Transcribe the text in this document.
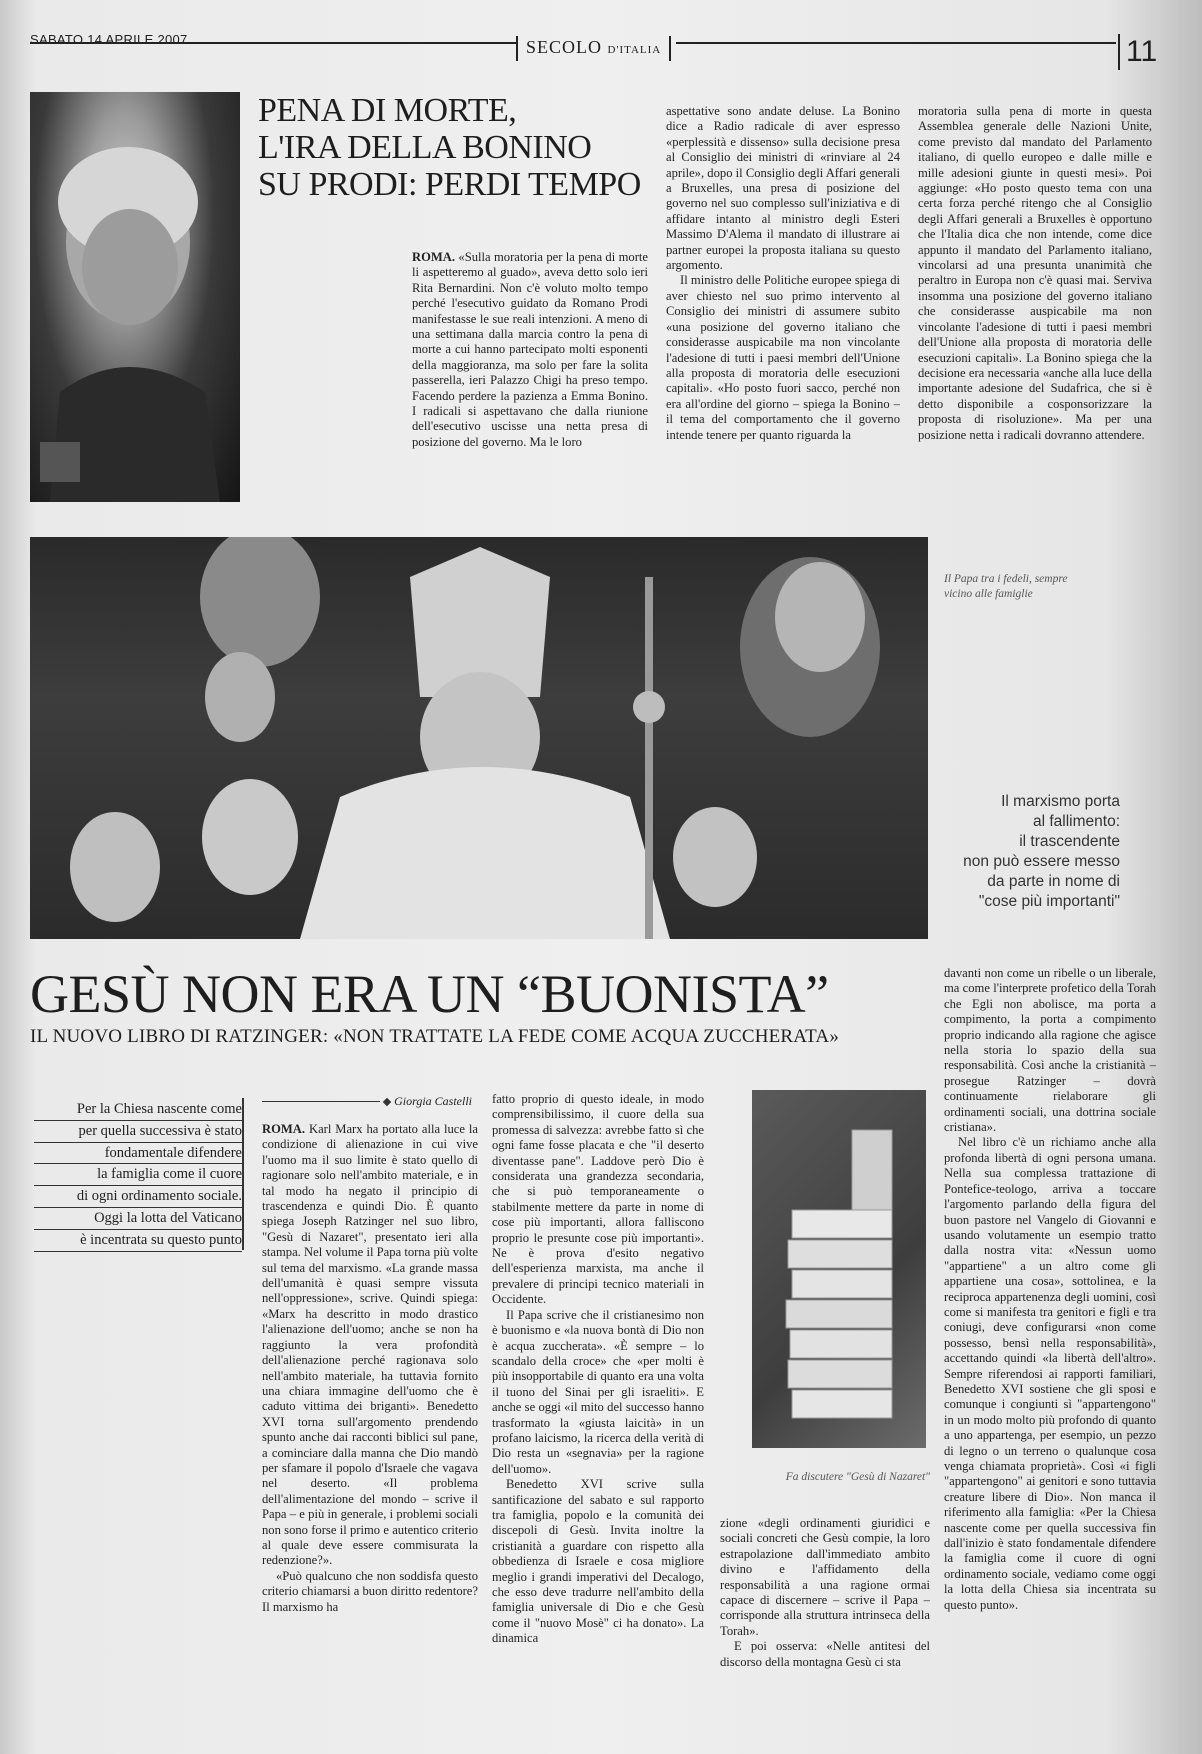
SABATO 14 APRILE 2007	SECOLO D'ITALIA	11
PENA DI MORTE,
L'IRA DELLA BONINO
SU PRODI: PERDI TEMPO

ROMA. «Sulla moratoria per la pena di morte li aspetteremo al guado», aveva detto solo ieri Rita Bernardini. Non c'è voluto molto tempo perché l'esecutivo guidato da Romano Prodi manifestasse le sue reali intenzioni. A meno di una settimana dalla marcia contro la pena di morte a cui hanno partecipato molti esponenti della maggioranza, ma solo per fare la solita passerella, ieri Palazzo Chigi ha preso tempo. Facendo perdere la pazienza a Emma Bonino. I radicali si aspettavano che dalla riunione dell'esecutivo uscisse una netta presa di posizione del governo. Ma le loro

aspettative sono andate deluse. La Bonino dice a Radio radicale di aver espresso «perplessità e dissenso» sulla decisione presa al Consiglio dei ministri di «rinviare al 24 aprile», dopo il Consiglio degli Affari generali a Bruxelles, una presa di posizione del governo nel suo complesso sull'iniziativa e di affidare intanto al ministro degli Esteri Massimo D'Alema il mandato di illustrare ai partner europei la proposta italiana su questo argomento.

Il ministro delle Politiche europee spiega di aver chiesto nel suo primo intervento al Consiglio dei ministri di assumere subito «una posizione del governo italiano che considerasse auspicabile ma non vincolante l'adesione di tutti i paesi membri dell'Unione alla proposta di moratoria delle esecuzioni capitali». «Ho posto fuori sacco, perché non era all'ordine del giorno – spiega la Bonino – il tema del comportamento che il governo intende tenere per quanto riguarda la

moratoria sulla pena di morte in questa Assemblea generale delle Nazioni Unite, come previsto dal mandato del Parlamento italiano, di quello europeo e dalle mille e mille adesioni giunte in questi mesi». Poi aggiunge: «Ho posto questo tema con una certa forza perché ritengo che al Consiglio degli Affari generali a Bruxelles è opportuno che l'Italia dica che non intende, come dice appunto il mandato del Parlamento italiano, vincolarsi ad una presunta unanimità che peraltro in Europa non c'è quasi mai. Serviva insomma una posizione del governo italiano che considerasse auspicabile ma non vincolante l'adesione di tutti i paesi membri dell'Unione alla proposta di moratoria delle esecuzioni capitali». La Bonino spiega che la decisione era necessaria «anche alla luce della importante adesione del Sudafrica, che si è detto disponibile a cosponsorizzare la proposta di risoluzione». Ma per una posizione netta i radicali dovranno attendere.

Il Papa tra i fedeli, sempre vicino alle famiglie
Il marxismo porta
al fallimento:
il trascendente
non può essere messo
da parte in nome di
"cose più importanti"
GESÙ NON ERA UN “BUONISTA”
IL NUOVO LIBRO DI RATZINGER: «NON TRATTATE LA FEDE COME ACQUA ZUCCHERATA»
Per la Chiesa nascente come
per quella successiva è stato
fondamentale difendere
la famiglia come il cuore
di ogni ordinamento sociale.
Oggi la lotta del Vaticano
è incentrata su questo punto
Giorgia Castelli

ROMA. Karl Marx ha portato alla luce la condizione di alienazione in cui vive l'uomo ma il suo limite è stato quello di ragionare solo nell'ambito materiale, e in tal modo ha negato il principio di trascendenza e quindi Dio. È quanto spiega Joseph Ratzinger nel suo libro, "Gesù di Nazaret", presentato ieri alla stampa. Nel volume il Papa torna più volte sul tema del marxismo. «La grande massa dell'umanità è quasi sempre vissuta nell'oppressione», scrive. Quindi spiega: «Marx ha descritto in modo drastico l'alienazione dell'uomo; anche se non ha raggiunto la vera profondità dell'alienazione perché ragionava solo nell'ambito materiale, ha tuttavia fornito una chiara immagine dell'uomo che è caduto vittima dei briganti». Benedetto XVI torna sull'argomento prendendo spunto anche dai racconti biblici sul pane, a cominciare dalla manna che Dio mandò per sfamare il popolo d'Israele che vagava nel deserto. «Il problema dell'alimentazione del mondo – scrive il Papa – e più in generale, i problemi sociali non sono forse il primo e autentico criterio al quale deve essere commisurata la redenzione?».

«Può qualcuno che non soddisfa questo criterio chiamarsi a buon diritto redentore? Il marxismo ha

fatto proprio di questo ideale, in modo comprensibilissimo, il cuore della sua promessa di salvezza: avrebbe fatto sì che ogni fame fosse placata e che "il deserto diventasse pane". Laddove però Dio è considerata una grandezza secondaria, che si può temporaneamente o stabilmente mettere da parte in nome di cose più importanti, allora falliscono proprio le presunte cose più importanti». Ne è prova d'esito negativo dell'esperienza marxista, ma anche il prevalere di principi tecnico materiali in Occidente.

Il Papa scrive che il cristianesimo non è buonismo e «la nuova bontà di Dio non è acqua zuccherata». «È sempre – lo scandalo della croce» che «per molti è più insopportabile di quanto era una volta il tuono del Sinai per gli israeliti». E anche se oggi «il mito del successo hanno trasformato la «giusta laicità» in un profano laicismo, la ricerca della verità di Dio resta un «segnavia» per la ragione dell'uomo».

Benedetto XVI scrive sulla santificazione del sabato e sul rapporto tra famiglia, popolo e la comunità dei discepoli di Gesù. Invita inoltre la cristianità a guardare con rispetto alla obbedienza di Israele e cosa migliore meglio i grandi imperativi del Decalogo, che esso deve tradurre nell'ambito della famiglia universale di Dio e che Gesù come il "nuovo Mosè" ci ha donato». La dinamica

Fa discutere "Gesù di Nazaret"

zione «degli ordinamenti giuridici e sociali concreti che Gesù compie, la loro estrapolazione dall'immediato ambito divino e l'affidamento della responsabilità a una ragione ormai capace di discernere – scrive il Papa – corrisponde alla struttura intrinseca della Torah».

E poi osserva: «Nelle antitesi del discorso della montagna Gesù ci sta

davanti non come un ribelle o un liberale, ma come l'interprete profetico della Torah che Egli non abolisce, ma porta a compimento, la porta a compimento proprio indicando alla ragione che agisce nella storia lo spazio della sua responsabilità. Così anche la cristianità – prosegue Ratzinger – dovrà continuamente rielaborare gli ordinamenti sociali, una dottrina sociale cristiana».

Nel libro c'è un richiamo anche alla profonda libertà di ogni persona umana. Nella sua complessa trattazione di Pontefice-teologo, arriva a toccare l'argomento parlando della figura del buon pastore nel Vangelo di Giovanni e usando volutamente un esempio tratto dalla nostra vita: «Nessun uomo "appartiene" a un altro come gli appartiene una cosa», sottolinea, e la reciproca appartenenza degli uomini, così come si manifesta tra genitori e figli e tra coniugi, deve configurarsi «non come possesso, bensì nella responsabilità», accettando quindi «la libertà dell'altro». Sempre riferendosi ai rapporti familiari, Benedetto XVI sostiene che gli sposi e comunque i congiunti sì "appartengono" in un modo molto più profondo di quanto a uno appartenga, per esempio, un pezzo di legno o un terreno o qualunque cosa venga chiamata proprietà». Così «i figli "appartengono" ai genitori e sono tuttavia creature libere di Dio». Non manca il riferimento alla famiglia: «Per la Chiesa nascente come per quella successiva fin dall'inizio è stato fondamentale difendere la famiglia come il cuore di ogni ordinamento sociale, vediamo come oggi la lotta della Chiesa sia incentrata su questo punto».
